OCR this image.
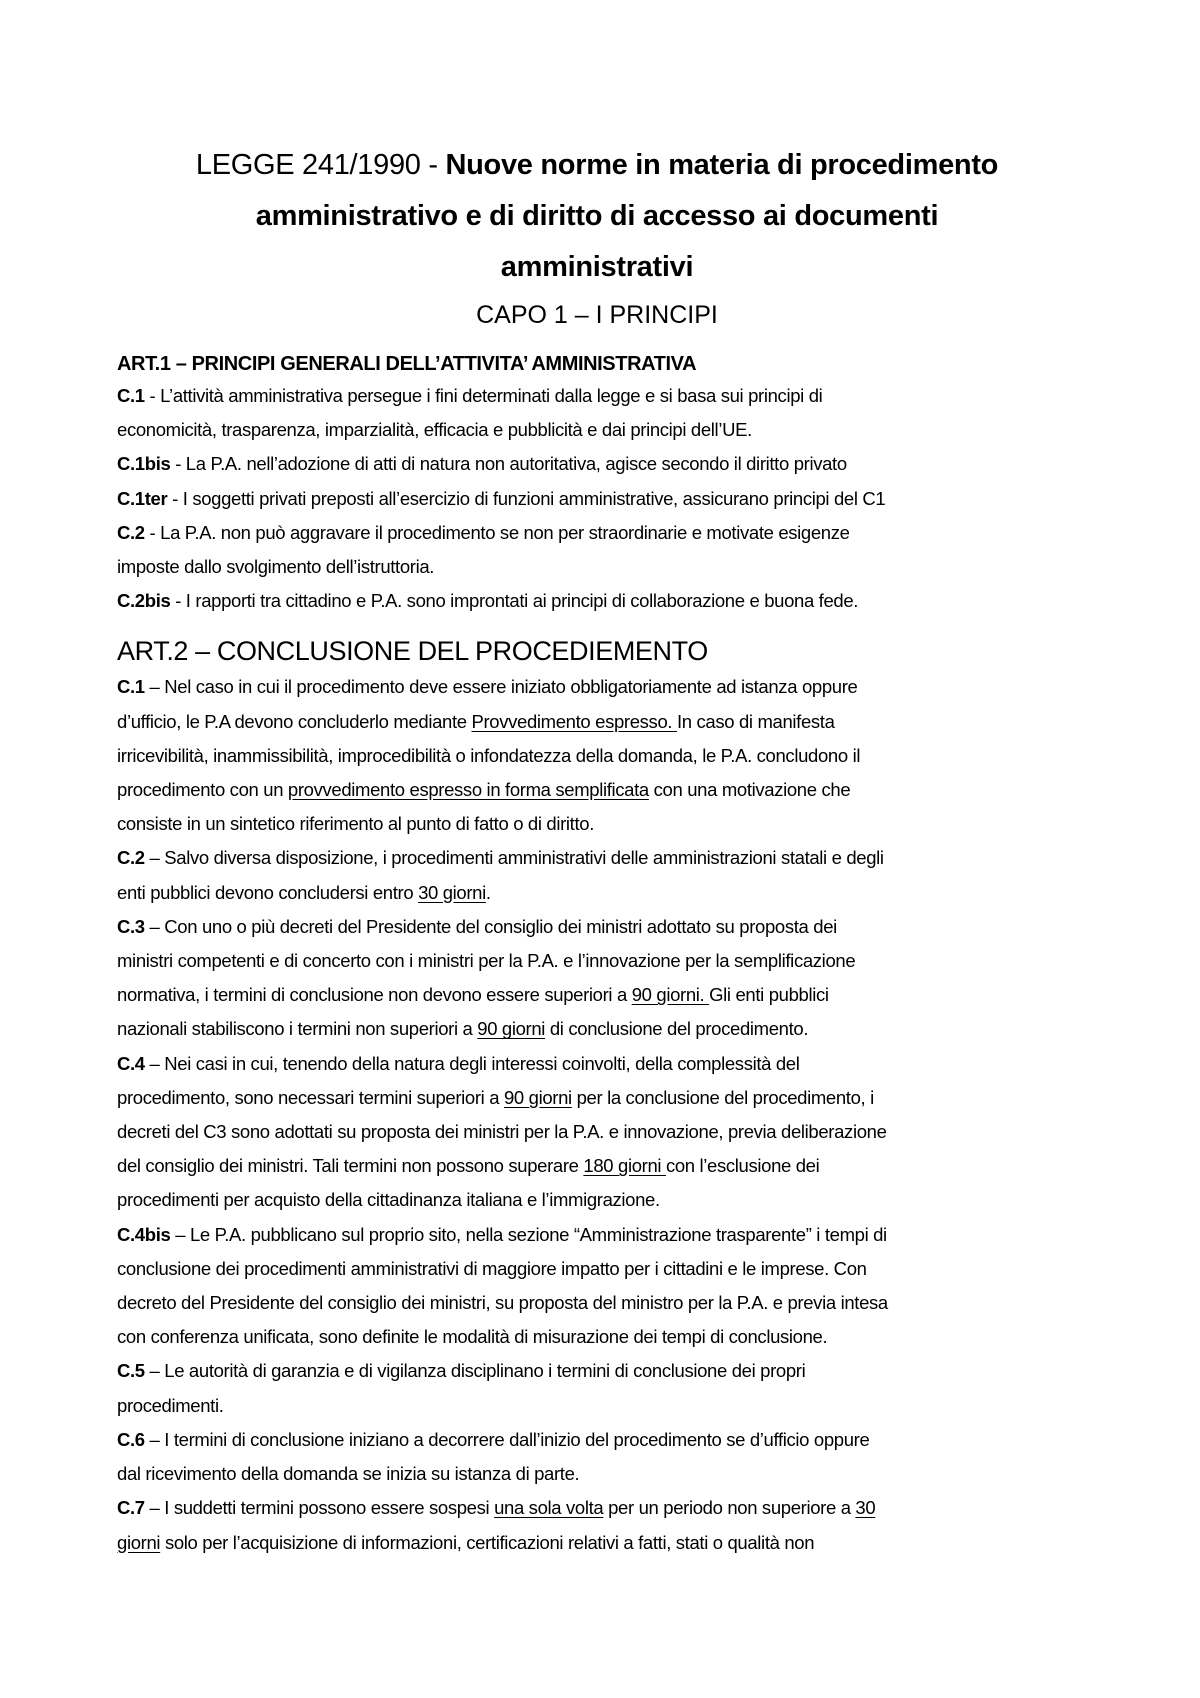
LEGGE 241/1990 - Nuove norme in materia di procedimento
amministrativo e di diritto di accesso ai documenti
amministrativi
CAPO 1 – I PRINCIPI
ART.1 – PRINCIPI GENERALI DELL’ATTIVITA’ AMMINISTRATIVA
C.1 - L’attività amministrativa persegue i fini determinati dalla legge e si basa sui principi di
economicità, trasparenza, imparzialità, efficacia e pubblicità e dai principi dell’UE.
C.1bis - La P.A. nell’adozione di atti di natura non autoritativa, agisce secondo il diritto privato
C.1ter - I soggetti privati preposti all’esercizio di funzioni amministrative, assicurano principi del C1
C.2 - La P.A. non può aggravare il procedimento se non per straordinarie e motivate esigenze
imposte dallo svolgimento dell’istruttoria.
C.2bis - I rapporti tra cittadino e P.A. sono improntati ai principi di collaborazione e buona fede.
ART.2 – CONCLUSIONE DEL PROCEDIEMENTO
C.1 – Nel caso in cui il procedimento deve essere iniziato obbligatoriamente ad istanza oppure
d’ufficio, le P.A devono concluderlo mediante Provvedimento espresso. In caso di manifesta
irricevibilità, inammissibilità, improcedibilità o infondatezza della domanda, le P.A. concludono il
procedimento con un provvedimento espresso in forma semplificata con una motivazione che
consiste in un sintetico riferimento al punto di fatto o di diritto.
C.2 – Salvo diversa disposizione, i procedimenti amministrativi delle amministrazioni statali e degli
enti pubblici devono concludersi entro 30 giorni.
C.3 – Con uno o più decreti del Presidente del consiglio dei ministri adottato su proposta dei
ministri competenti e di concerto con i ministri per la P.A. e l’innovazione per la semplificazione
normativa, i termini di conclusione non devono essere superiori a 90 giorni. Gli enti pubblici
nazionali stabiliscono i termini non superiori a 90 giorni di conclusione del procedimento.
C.4 – Nei casi in cui, tenendo della natura degli interessi coinvolti, della complessità del
procedimento, sono necessari termini superiori a 90 giorni per la conclusione del procedimento, i
decreti del C3 sono adottati su proposta dei ministri per la P.A. e innovazione, previa deliberazione
del consiglio dei ministri. Tali termini non possono superare 180 giorni con l’esclusione dei
procedimenti per acquisto della cittadinanza italiana e l’immigrazione.
C.4bis – Le P.A. pubblicano sul proprio sito, nella sezione “Amministrazione trasparente” i tempi di
conclusione dei procedimenti amministrativi di maggiore impatto per i cittadini e le imprese. Con
decreto del Presidente del consiglio dei ministri, su proposta del ministro per la P.A. e previa intesa
con conferenza unificata, sono definite le modalità di misurazione dei tempi di conclusione.
C.5 – Le autorità di garanzia e di vigilanza disciplinano i termini di conclusione dei propri
procedimenti.
C.6 – I termini di conclusione iniziano a decorrere dall’inizio del procedimento se d’ufficio oppure
dal ricevimento della domanda se inizia su istanza di parte.
C.7 – I suddetti termini possono essere sospesi una sola volta per un periodo non superiore a 30
giorni solo per l’acquisizione di informazioni, certificazioni relativi a fatti, stati o qualità non
